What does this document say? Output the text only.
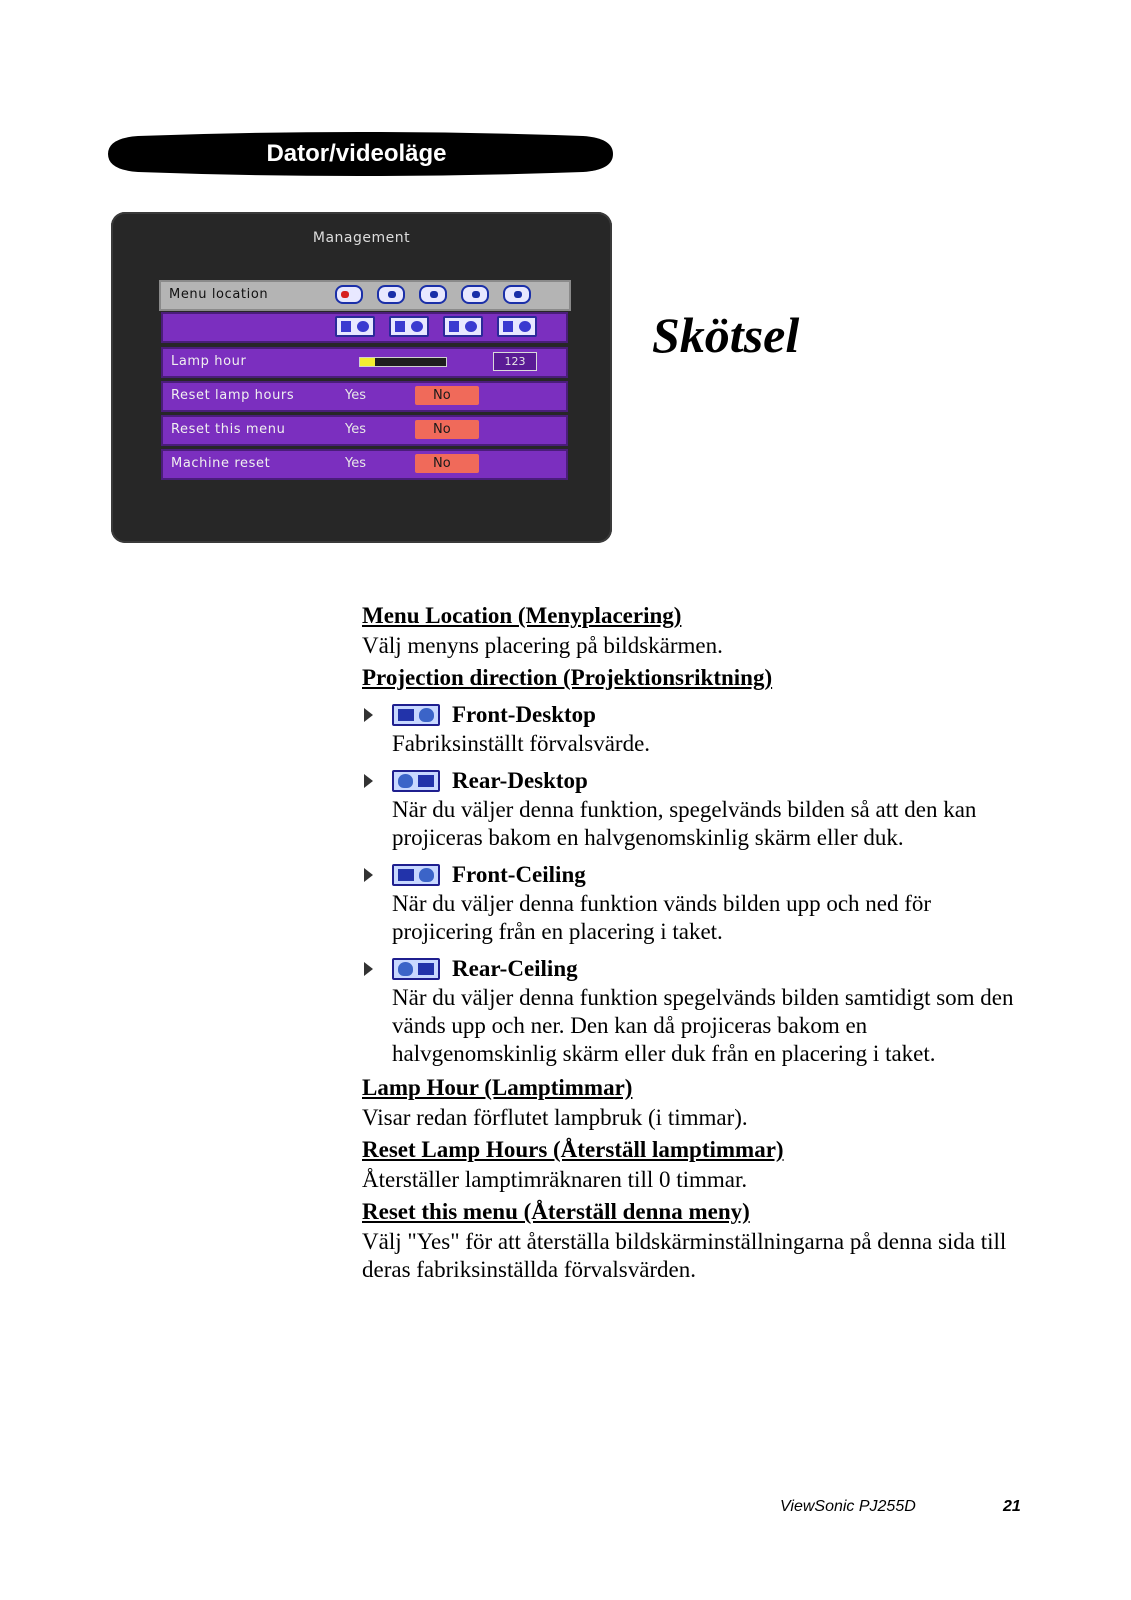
Dator/videoläge
Management
Menu location
Lamp hour	123
Reset lamp hours	Yes	No
Reset this menu	Yes	No
Machine reset	Yes	No
Skötsel
Menu Location (Menyplacering)
Välj menyns placering på bildskärmen.
Projection direction (Projektionsriktning)
Front-Desktop
Fabriksinställt förvalsvärde.
Rear-Desktop
När du väljer denna funktion, spegelvänds bilden så att den kan projiceras bakom en halvgenomskinlig skärm eller duk.
Front-Ceiling
När du väljer denna funktion vänds bilden upp och ned för projicering från en placering i taket.
Rear-Ceiling
När du väljer denna funktion spegelvänds bilden samtidigt som den vänds upp och ner. Den kan då projiceras bakom en halvgenomskinlig skärm eller duk från en placering i taket.
Lamp Hour (Lamptimmar)
Visar redan förflutet lampbruk (i timmar).
Reset Lamp Hours (Återställ lamptimmar)
Återställer lamptimräknaren till 0 timmar.
Reset this menu (Återställ denna meny)
Välj "Yes" för att återställa bildskärminställningarna på denna sida till deras fabriksinställda förvalsvärden.
ViewSonic PJ255D	21
